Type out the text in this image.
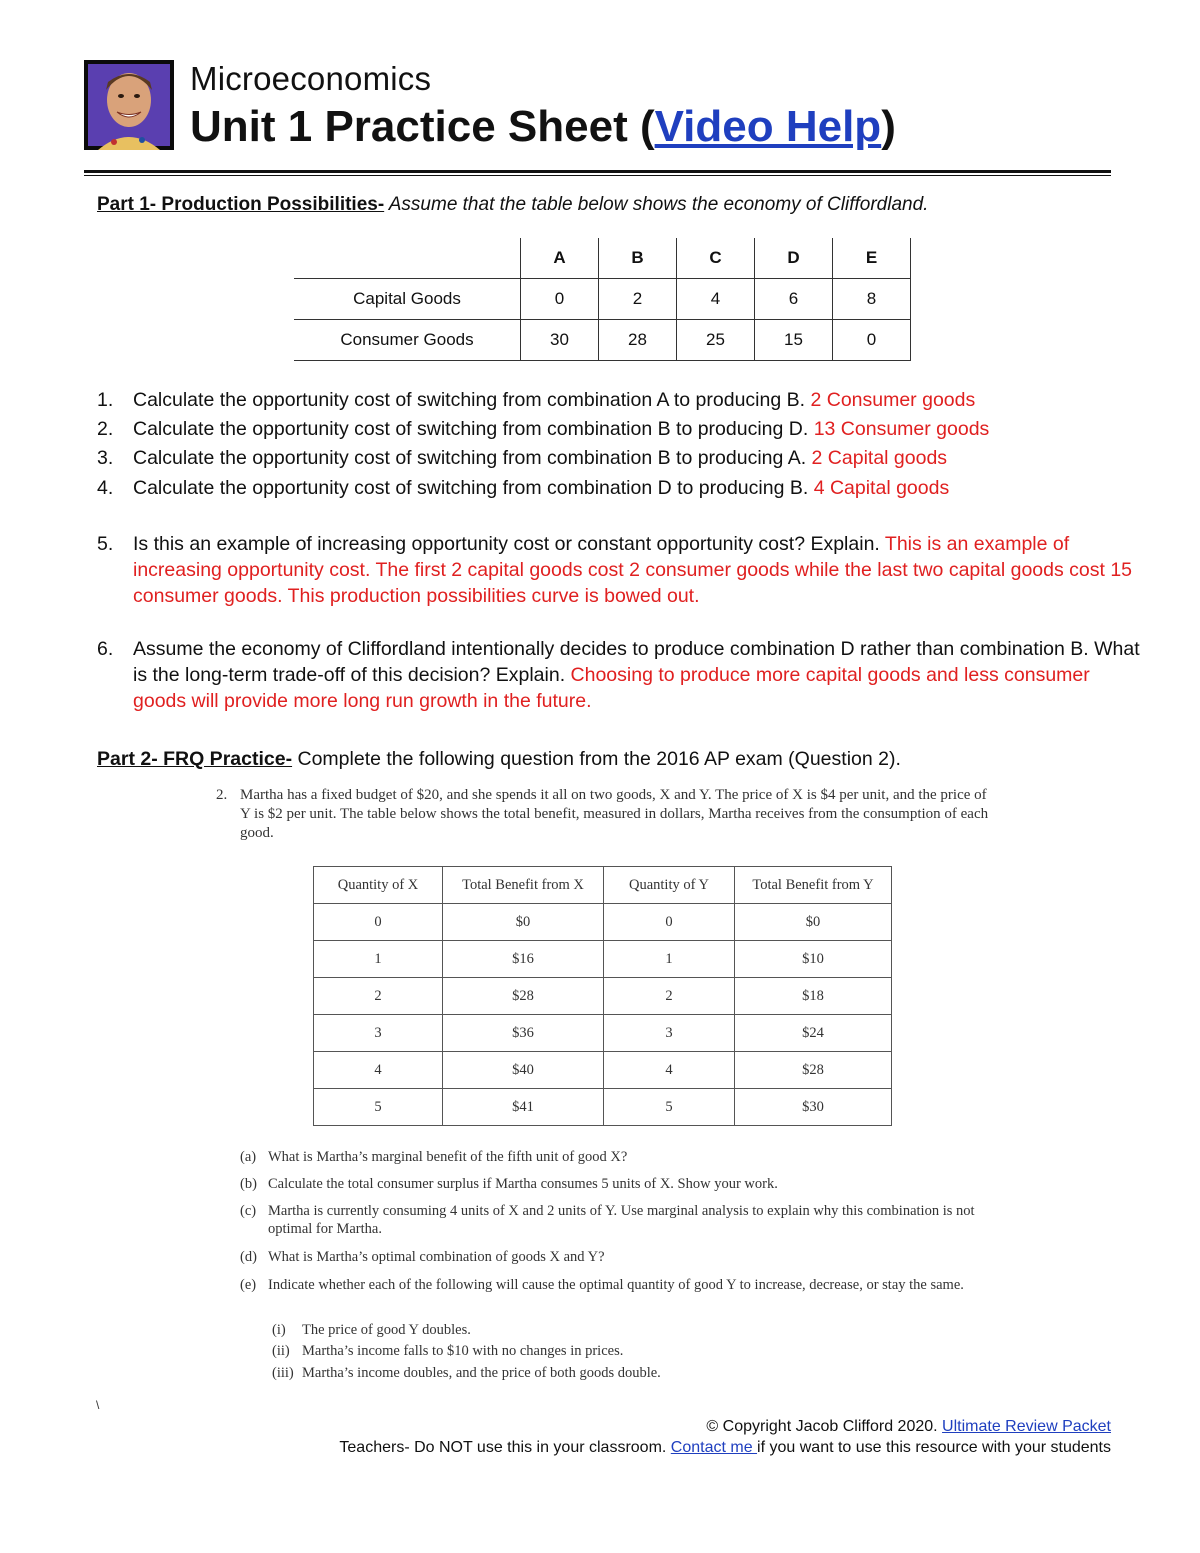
Microeconomics
Unit 1 Practice Sheet (Video Help)
Part 1- Production Possibilities- Assume that the table below shows the economy of Cliffordland.
	A	B	C	D	E
Capital Goods	0	2	4	6	8
Consumer Goods	30	28	25	15	0
1.	Calculate the opportunity cost of switching from combination A to producing B. 2 Consumer goods
2.	Calculate the opportunity cost of switching from combination B to producing D. 13 Consumer goods
3.	Calculate the opportunity cost of switching from combination B to producing A. 2 Capital goods
4.	Calculate the opportunity cost of switching from combination D to producing B. 4 Capital goods
5.	Is this an example of increasing opportunity cost or constant opportunity cost? Explain. This is an example of increasing opportunity cost. The first 2 capital goods cost 2 consumer goods while the last two capital goods cost 15 consumer goods. This production possibilities curve is bowed out.
6.	Assume the economy of Cliffordland intentionally decides to produce combination D rather than combination B. What is the long-term trade-off of this decision? Explain. Choosing to produce more capital goods and less consumer goods will provide more long run growth in the future.
Part 2- FRQ Practice- Complete the following question from the 2016 AP exam (Question 2).
2. Martha has a fixed budget of $20, and she spends it all on two goods, X and Y. The price of X is $4 per unit, and the price of Y is $2 per unit. The table below shows the total benefit, measured in dollars, Martha receives from the consumption of each good.
Quantity of X	Total Benefit from X	Quantity of Y	Total Benefit from Y
0	$0	0	$0
1	$16	1	$10
2	$28	2	$18
3	$36	3	$24
4	$40	4	$28
5	$41	5	$30
(a) What is Martha’s marginal benefit of the fifth unit of good X?
(b) Calculate the total consumer surplus if Martha consumes 5 units of X. Show your work.
(c) Martha is currently consuming 4 units of X and 2 units of Y. Use marginal analysis to explain why this combination is not optimal for Martha.
(d) What is Martha’s optimal combination of goods X and Y?
(e) Indicate whether each of the following will cause the optimal quantity of good Y to increase, decrease, or stay the same.
(i) The price of good Y doubles.
(ii) Martha’s income falls to $10 with no changes in prices.
(iii) Martha’s income doubles, and the price of both goods double.
\
© Copyright Jacob Clifford 2020. Ultimate Review Packet
Teachers- Do NOT use this in your classroom. Contact me if you want to use this resource with your students
